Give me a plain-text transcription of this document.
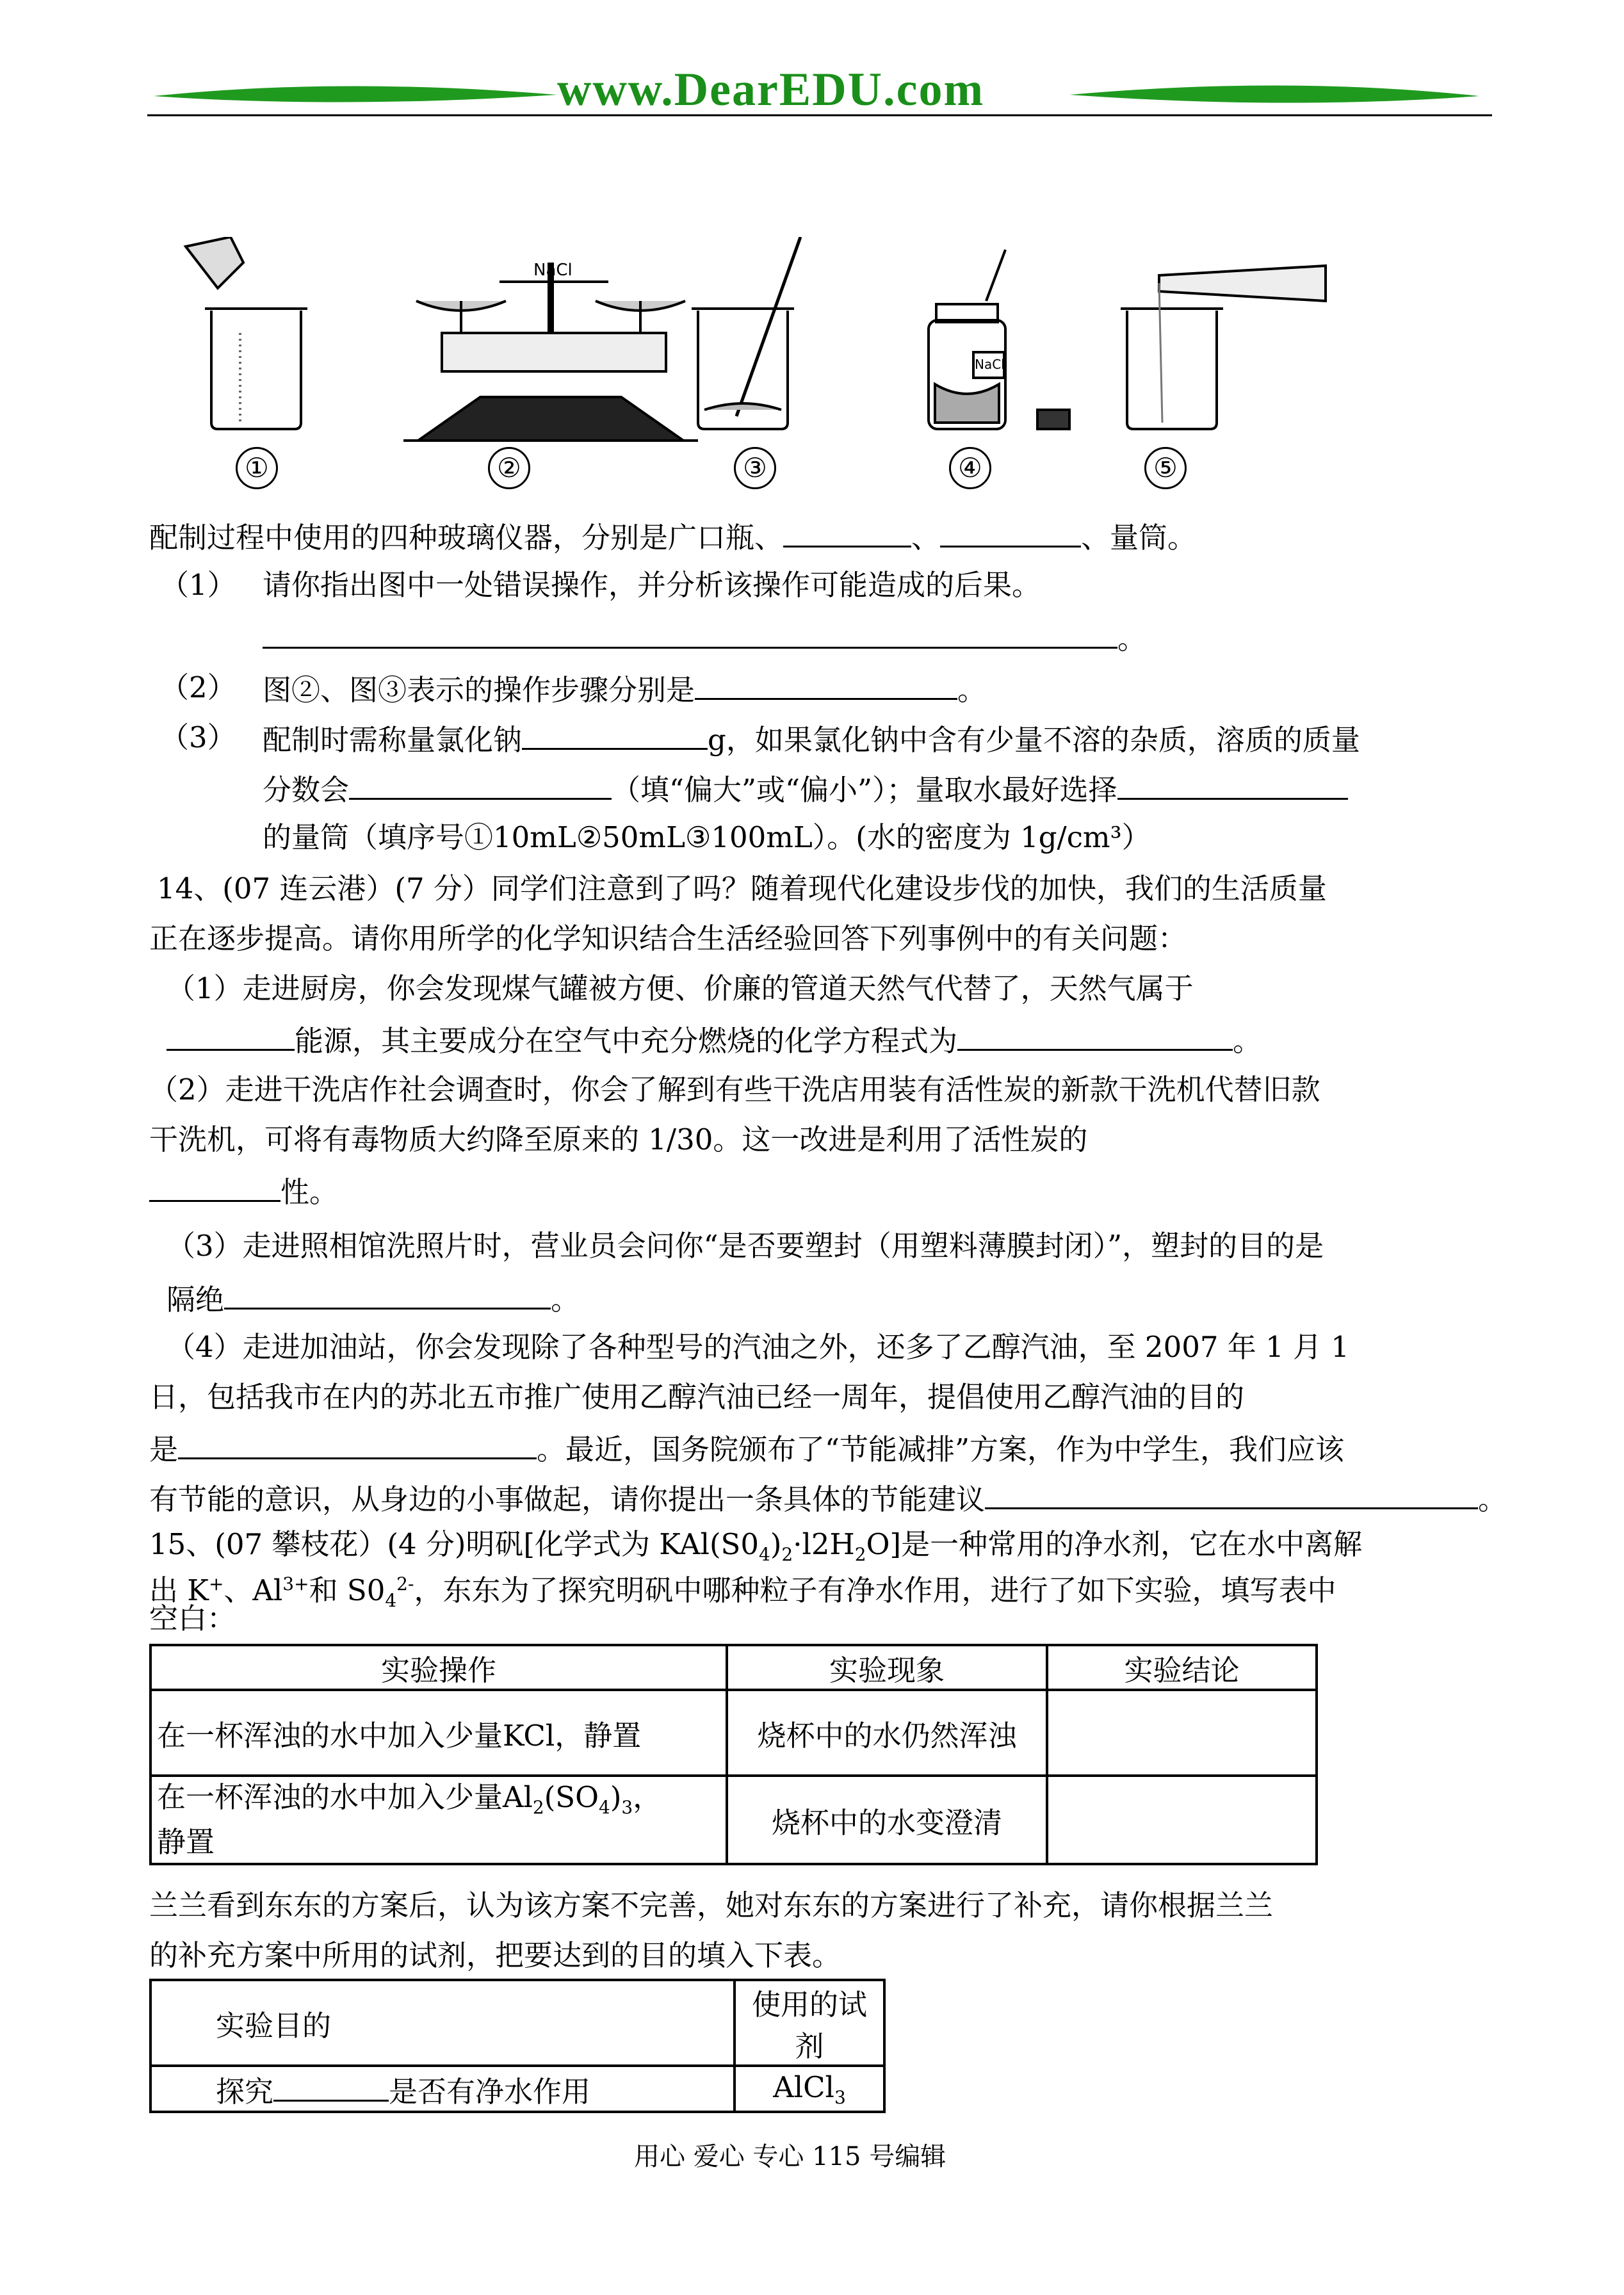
www.DearEDU.com
NaCl
NaCl
①	②	③	④	⑤
配制过程中使用的四种玻璃仪器，分别是广口瓶、	、	、量筒。
（1） 请你指出图中一处错误操作，并分析该操作可能造成的后果。
。
（2） 图②、图③表示的操作步骤分别是	。
（3） 配制时需称量氯化钠	g，如果氯化钠中含有少量不溶的杂质，溶质的质量
分数会	（填“偏大”或“偏小”）；量取水最好选择
的量筒（填序号①10mL②50mL③100mL）。(水的密度为 1g/cm³）
14、(07 连云港）(7 分）同学们注意到了吗？随着现代化建设步伐的加快，我们的生活质量
正在逐步提高。请你用所学的化学知识结合生活经验回答下列事例中的有关问题：
（1）走进厨房，你会发现煤气罐被方便、价廉的管道天然气代替了，天然气属于
能源，其主要成分在空气中充分燃烧的化学方程式为	。
（2）走进干洗店作社会调查时，你会了解到有些干洗店用装有活性炭的新款干洗机代替旧款
干洗机，可将有毒物质大约降至原来的 1/30。这一改进是利用了活性炭的
性。
（3）走进照相馆洗照片时，营业员会问你“是否要塑封（用塑料薄膜封闭）”，塑封的目的是
隔绝	。
（4）走进加油站，你会发现除了各种型号的汽油之外，还多了乙醇汽油，至 2007 年 1 月 1
日，包括我市在内的苏北五市推广使用乙醇汽油已经一周年，提倡使用乙醇汽油的目的
是	。最近，国务院颁布了“节能减排”方案，作为中学生，我们应该
有节能的意识，从身边的小事做起，请你提出一条具体的节能建议	。
15、(07 攀枝花）(4 分)明矾[化学式为 $KAl(S0_4)_2\cdot l2H_2O$]是一种常用的净水剂，它在水中离解
出 K+、$Al^{3+}$和 $S0_4^{2-}$，东东为了探究明矾中哪种粒子有净水作用，进行了如下实验，填写表中
空白：
实验操作	实验现象	实验结论
在一杯浑浊的水中加入少量KCl，静置	烧杯中的水仍然浑浊	
在一杯浑浊的水中加入少量$Al_2(SO_4)_3$，
静置	烧杯中的水变澄清	
兰兰看到东东的方案后，认为该方案不完善，她对东东的方案进行了补充，请你根据兰兰
的补充方案中所用的试剂，把要达到的目的填入下表。
实验目的	使用的试剂
探究 是否有净水作用	AlCl$_3$
用心 爱心 专心 115 号编辑
